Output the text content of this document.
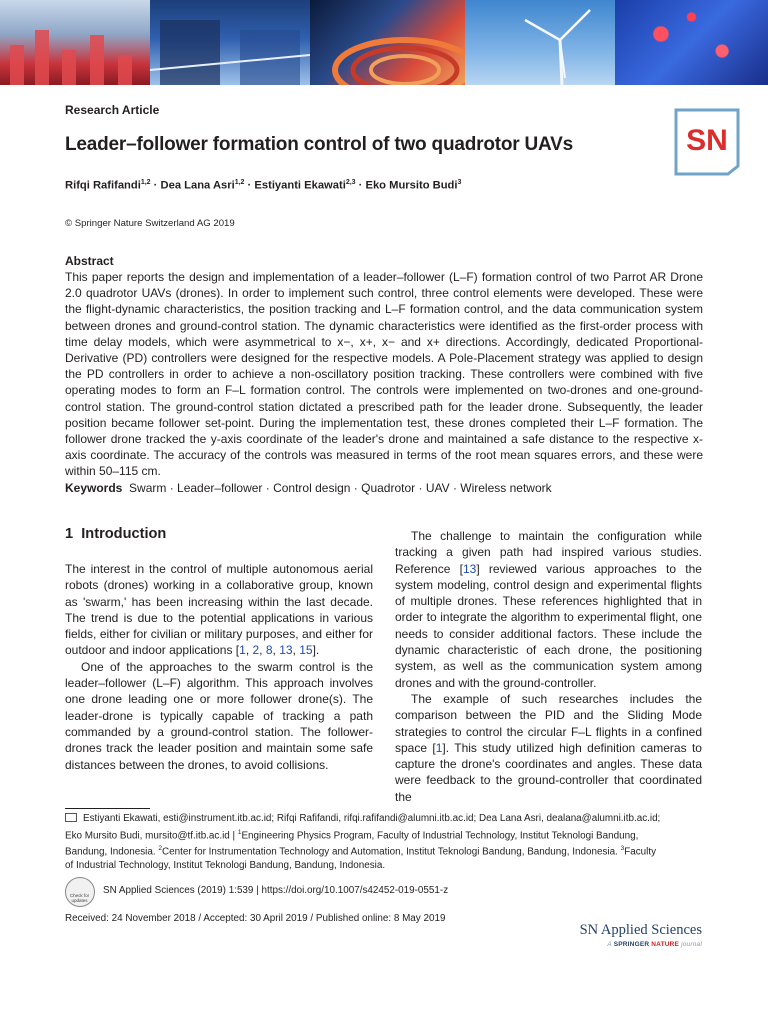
Research Article
SN
Leader–follower formation control of two quadrotor UAVs
Rifqi Rafifandi$^{1,2}$ · Dea Lana Asri$^{1,2}$ · Estiyanti Ekawati$^{2,3}$ · Eko Mursito Budi$^3$
© Springer Nature Switzerland AG 2019
Abstract
This paper reports the design and implementation of a leader–follower (L–F) formation control of two Parrot AR Drone 2.0 quadrotor UAVs (drones). In order to implement such control, three control elements were developed. These were the flight-dynamic characteristics, the position tracking and L–F formation control, and the data communication system between drones and ground-control station. The dynamic characteristics were identified as the first-order process with time delay models, which were asymmetrical to x−, x+, x− and x+ directions. Accordingly, dedicated Proportional-Derivative (PD) controllers were designed for the respective models. A Pole-Placement strategy was applied to design the PD controllers in order to achieve a non-oscillatory position tracking. These controllers were combined with five operating modes to form an F–L formation control. The controls were implemented on two-drones and one-ground-control station. The ground-control station dictated a prescribed path for the leader drone. Subsequently, the leader position became follower set-point. During the implementation test, these drones completed their L–F formation. The follower drone tracked the y-axis coordinate of the leader's drone and maintained a safe distance to the respective x-axis coordinate. The accuracy of the controls was measured in terms of the root mean squares errors, and these were within 50–115 cm.
Keywords Swarm · Leader–follower · Control design · Quadrotor · UAV · Wireless network
1 Introduction

The interest in the control of multiple autonomous aerial robots (drones) working in a collaborative group, known as 'swarm,' has been increasing within the last decade. The trend is due to the potential applications in various fields, either for civilian or military purposes, and either for outdoor and indoor applications [1, 2, 8, 13, 15].

One of the approaches to the swarm control is the leader–follower (L–F) algorithm. This approach involves one drone leading one or more follower drone(s). The leader-drone is typically capable of tracking a path commanded by a ground-control station. The follower-drones track the leader position and maintain some safe distances between the drones, to avoid collisions.

The challenge to maintain the configuration while tracking a given path had inspired various studies. Reference [13] reviewed various approaches to the system modeling, control design and experimental flights of multiple drones. These references highlighted that in order to integrate the algorithm to experimental flight, one needs to consider additional factors. These include the dynamic characteristic of each drone, the positioning system, as well as the communication system among drones and with the ground-controller.

The example of such researches includes the comparison between the PID and the Sliding Mode strategies to control the circular F–L flights in a confined space [1]. This study utilized high definition cameras to capture the drone's coordinates and angles. These data were feedback to the ground-controller that coordinated the

Estiyanti Ekawati, esti@instrument.itb.ac.id; Rifqi Rafifandi, rifqi.rafifandi@alumni.itb.ac.id; Dea Lana Asri, dealana@alumni.itb.ac.id;
Eko Mursito Budi, mursito@tf.itb.ac.id | $^1$Engineering Physics Program, Faculty of Industrial Technology, Institut Teknologi Bandung,
Bandung, Indonesia. $^2$Center for Instrumentation Technology and Automation, Institut Teknologi Bandung, Bandung, Indonesia. $^3$Faculty
of Industrial Technology, Institut Teknologi Bandung, Bandung, Indonesia.
Check for updates
SN Applied Sciences (2019) 1:539 | https://doi.org/10.1007/s42452-019-0551-z
Received: 24 November 2018 / Accepted: 30 April 2019 / Published online: 8 May 2019
SN Applied Sciences
A SPRINGER NATURE journal
